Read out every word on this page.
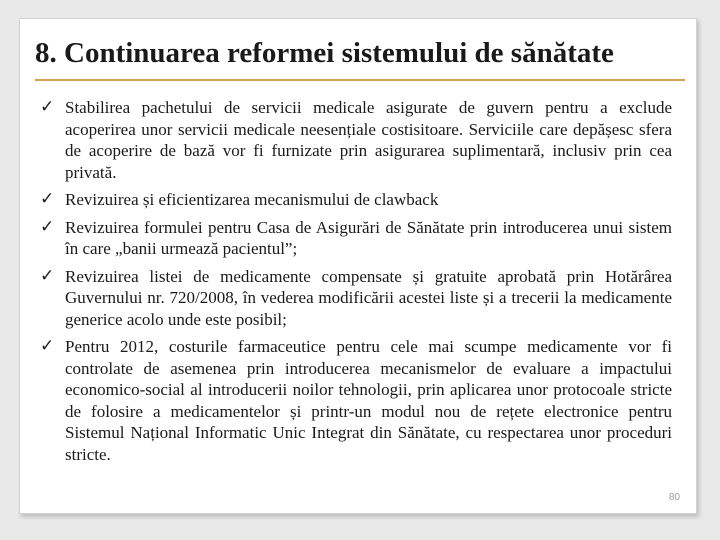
8. Continuarea reformei sistemului de sănătate
✓ Stabilirea pachetului de servicii medicale asigurate de guvern pentru a exclude acoperirea unor servicii medicale neesențiale costisitoare. Serviciile care depășesc sfera de acoperire de bază vor fi furnizate prin asigurarea suplimentară, inclusiv prin cea privată.
✓ Revizuirea și eficientizarea mecanismului de clawback
✓ Revizuirea formulei pentru Casa de Asigurări de Sănătate prin introducerea unui sistem în care „banii urmează pacientul”;
✓ Revizuirea listei de medicamente compensate și gratuite aprobată prin Hotărârea Guvernului nr. 720/2008, în vederea modificării acestei liste și a trecerii la medicamente generice acolo unde este posibil;
✓ Pentru 2012, costurile farmaceutice pentru cele mai scumpe medicamente vor fi controlate de asemenea prin introducerea mecanismelor de evaluare a impactului economico-social al introducerii noilor tehnologii, prin aplicarea unor protocoale stricte de folosire a medicamentelor și printr-un modul nou de rețete electronice pentru Sistemul Național Informatic Unic Integrat din Sănătate, cu respectarea unor proceduri stricte.
80
